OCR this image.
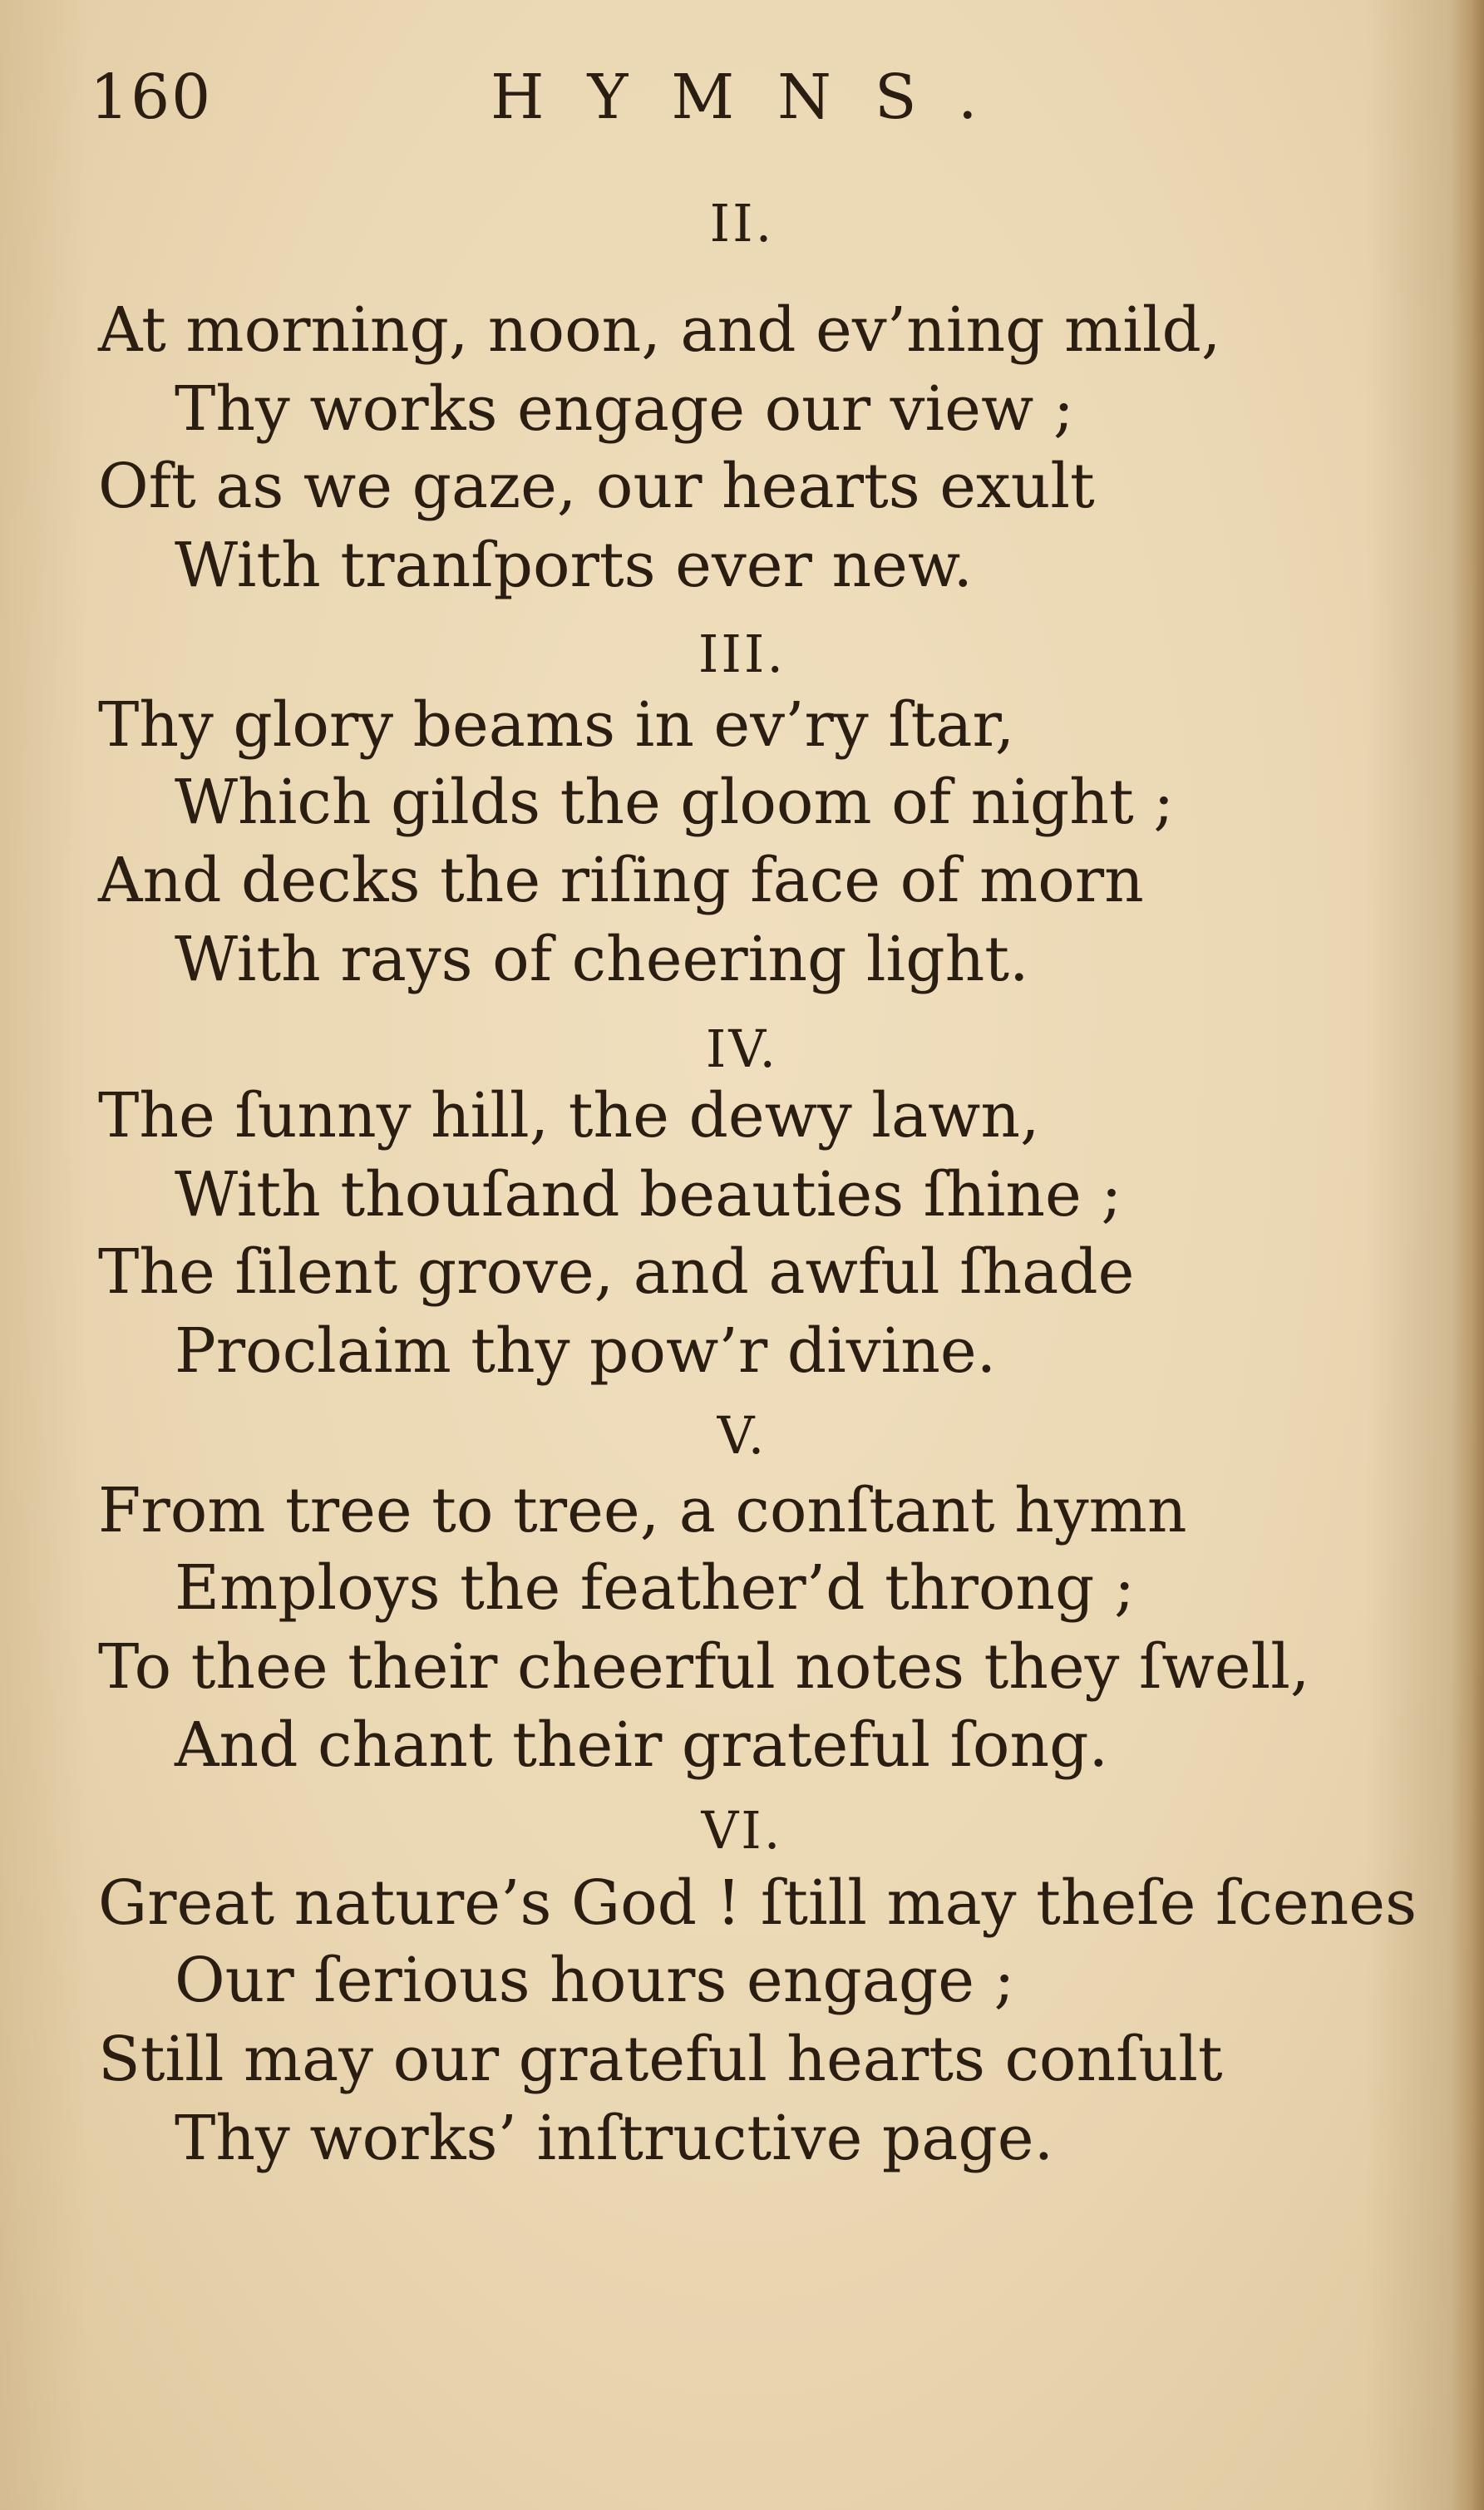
160	HYMNS.
II.
At morning, noon, and ev’ning mild,
Thy works engage our view ;
Oft as we gaze, our hearts exult
With tranſports ever new.
III.
Thy glory beams in ev’ry ſtar,
Which gilds the gloom of night ;
And decks the riſing face of morn
With rays of cheering light.
IV.
The ſunny hill, the dewy lawn,
With thouſand beauties ſhine ;
The ſilent grove, and awful ſhade
Proclaim thy pow’r divine.
V.
From tree to tree, a conſtant hymn
Employs the feather’d throng ;
To thee their cheerful notes they ſwell,
And chant their grateful ſong.
VI.
Great nature’s God ! ſtill may theſe ſcenes
Our ſerious hours engage ;
Still may our grateful hearts conſult
Thy works’ inſtructive page.
